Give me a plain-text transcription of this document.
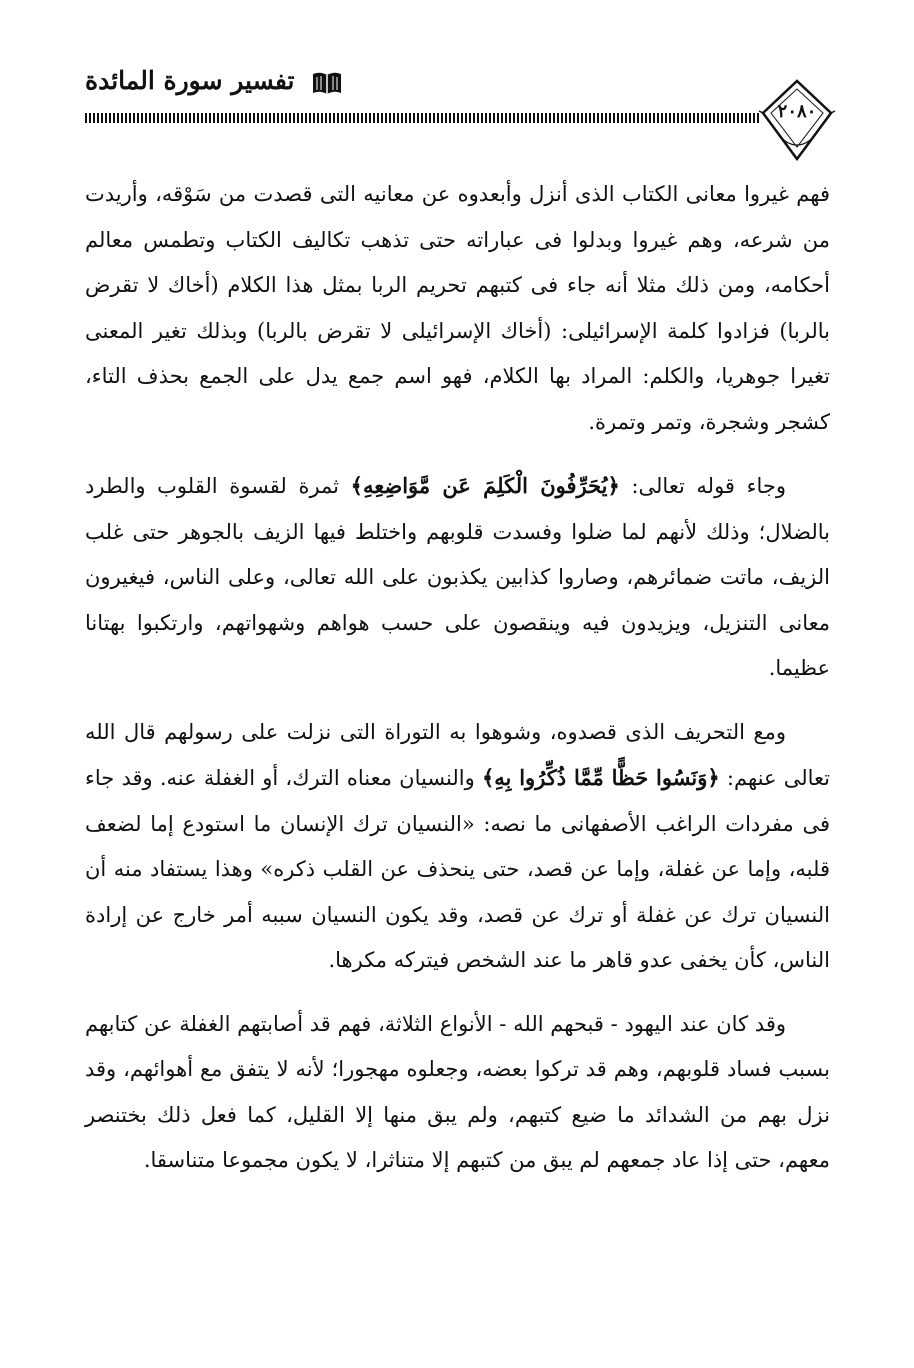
تفسير سورة المائدة
٢٠٨٠

فهم غيروا معانى الكتاب الذى أنزل وأبعدوه عن معانيه التى قصدت من سَوْقه، وأريدت من شرعه، وهم غيروا وبدلوا فى عباراته حتى تذهب تكاليف الكتاب وتطمس معالم أحكامه، ومن ذلك مثلا أنه جاء فى كتبهم تحريم الربا بمثل هذا الكلام (أخاك لا تقرض بالربا) فزادوا كلمة الإسرائيلى: (أخاك الإسرائيلى لا تقرض بالربا) وبذلك تغير المعنى تغيرا جوهريا، والكلم: المراد بها الكلام، فهو اسم جمع يدل على الجمع بحذف التاء، كشجر وشجرة، وتمر وتمرة.

وجاء قوله تعالى: ﴿يُحَرِّفُونَ الْكَلِمَ عَن مَّوَاضِعِهِ﴾ ثمرة لقسوة القلوب والطرد بالضلال؛ وذلك لأنهم لما ضلوا وفسدت قلوبهم واختلط فيها الزيف بالجوهر حتى غلب الزيف، ماتت ضمائرهم، وصاروا كذابين يكذبون على الله تعالى، وعلى الناس، فيغيرون معانى التنزيل، ويزيدون فيه وينقصون على حسب هواهم وشهواتهم، وارتكبوا بهتانا عظيما.

ومع التحريف الذى قصدوه، وشوهوا به التوراة التى نزلت على رسولهم قال الله تعالى عنهم: ﴿وَنَسُوا حَظًّا مِّمَّا ذُكِّرُوا بِهِ﴾ والنسيان معناه الترك، أو الغفلة عنه. وقد جاء فى مفردات الراغب الأصفهانى ما نصه: «النسيان ترك الإنسان ما استودع إما لضعف قلبه، وإما عن غفلة، وإما عن قصد، حتى ينحذف عن القلب ذكره» وهذا يستفاد منه أن النسيان ترك عن غفلة أو ترك عن قصد، وقد يكون النسيان سببه أمر خارج عن إرادة الناس، كأن يخفى عدو قاهر ما عند الشخص فيتركه مكرها.

وقد كان عند اليهود - قبحهم الله - الأنواع الثلاثة، فهم قد أصابتهم الغفلة عن كتابهم بسبب فساد قلوبهم، وهم قد تركوا بعضه، وجعلوه مهجورا؛ لأنه لا يتفق مع أهوائهم، وقد نزل بهم من الشدائد ما ضيع كتبهم، ولم يبق منها إلا القليل، كما فعل ذلك بختنصر معهم، حتى إذا عاد جمعهم لم يبق من كتبهم إلا متناثرا، لا يكون مجموعا متناسقا.
